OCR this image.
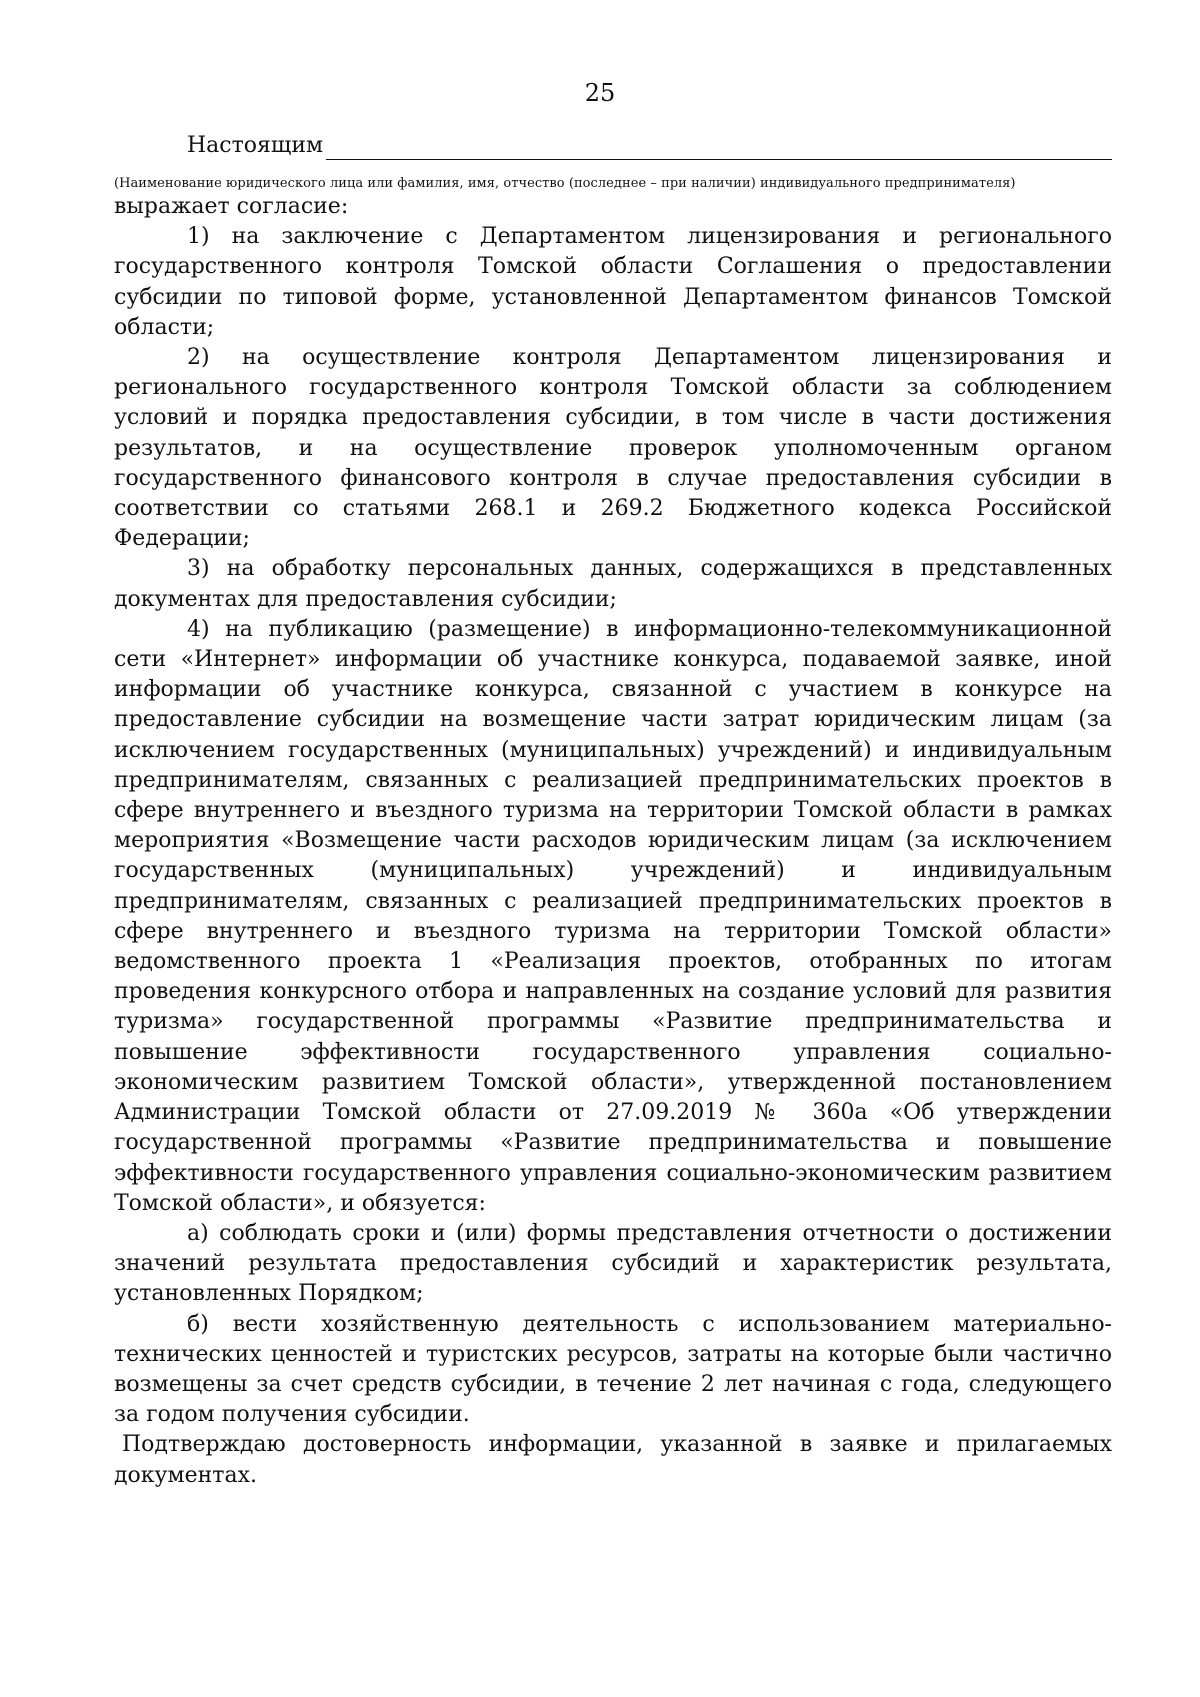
25
Настоящим
(Наименование юридического лица или фамилия, имя, отчество (последнее – при наличии) индивидуального предпринимателя)

выражает согласие:

1) на заключение с Департаментом лицензирования и регионального государственного контроля Томской области Соглашения о предоставлении субсидии по типовой форме, установленной Департаментом финансов Томской области;

2) на осуществление контроля Департаментом лицензирования и регионального государственного контроля Томской области за соблюдением условий и порядка предоставления субсидии, в том числе в части достижения результатов, и на осуществление проверок уполномоченным органом государственного финансового контроля в случае предоставления субсидии в соответствии со статьями 268.1 и 269.2 Бюджетного кодекса Российской Федерации;

3) на обработку персональных данных, содержащихся в представленных документах для предоставления субсидии;

4) на публикацию (размещение) в информационно-телекоммуникационной сети «Интернет» информации об участнике конкурса, подаваемой заявке, иной информации об участнике конкурса, связанной с участием в конкурсе на предоставление субсидии на возмещение части затрат юридическим лицам (за исключением государственных (муниципальных) учреждений) и индивидуальным предпринимателям, связанных с реализацией предпринимательских проектов в сфере внутреннего и въездного туризма на территории Томской области в рамках мероприятия «Возмещение части расходов юридическим лицам (за исключением государственных (муниципальных) учреждений) и индивидуальным предпринимателям, связанных с реализацией предпринимательских проектов в сфере внутреннего и въездного туризма на территории Томской области» ведомственного проекта 1 «Реализация проектов, отобранных по итогам проведения конкурсного отбора и направленных на создание условий для развития туризма» государственной программы «Развитие предпринимательства и повышение эффективности государственного управления социально-экономическим развитием Томской области», утвержденной постановлением Администрации Томской области от 27.09.2019 № 360а «Об утверждении государственной программы «Развитие предпринимательства и повышение эффективности государственного управления социально-экономическим развитием Томской области», и обязуется:

а) соблюдать сроки и (или) формы представления отчетности о достижении значений результата предоставления субсидий и характеристик результата, установленных Порядком;

б) вести хозяйственную деятельность с использованием материально-технических ценностей и туристских ресурсов, затраты на которые были частично возмещены за счет средств субсидии, в течение 2 лет начиная с года, следующего за годом получения субсидии.

Подтверждаю достоверность информации, указанной в заявке и прилагаемых документах.
